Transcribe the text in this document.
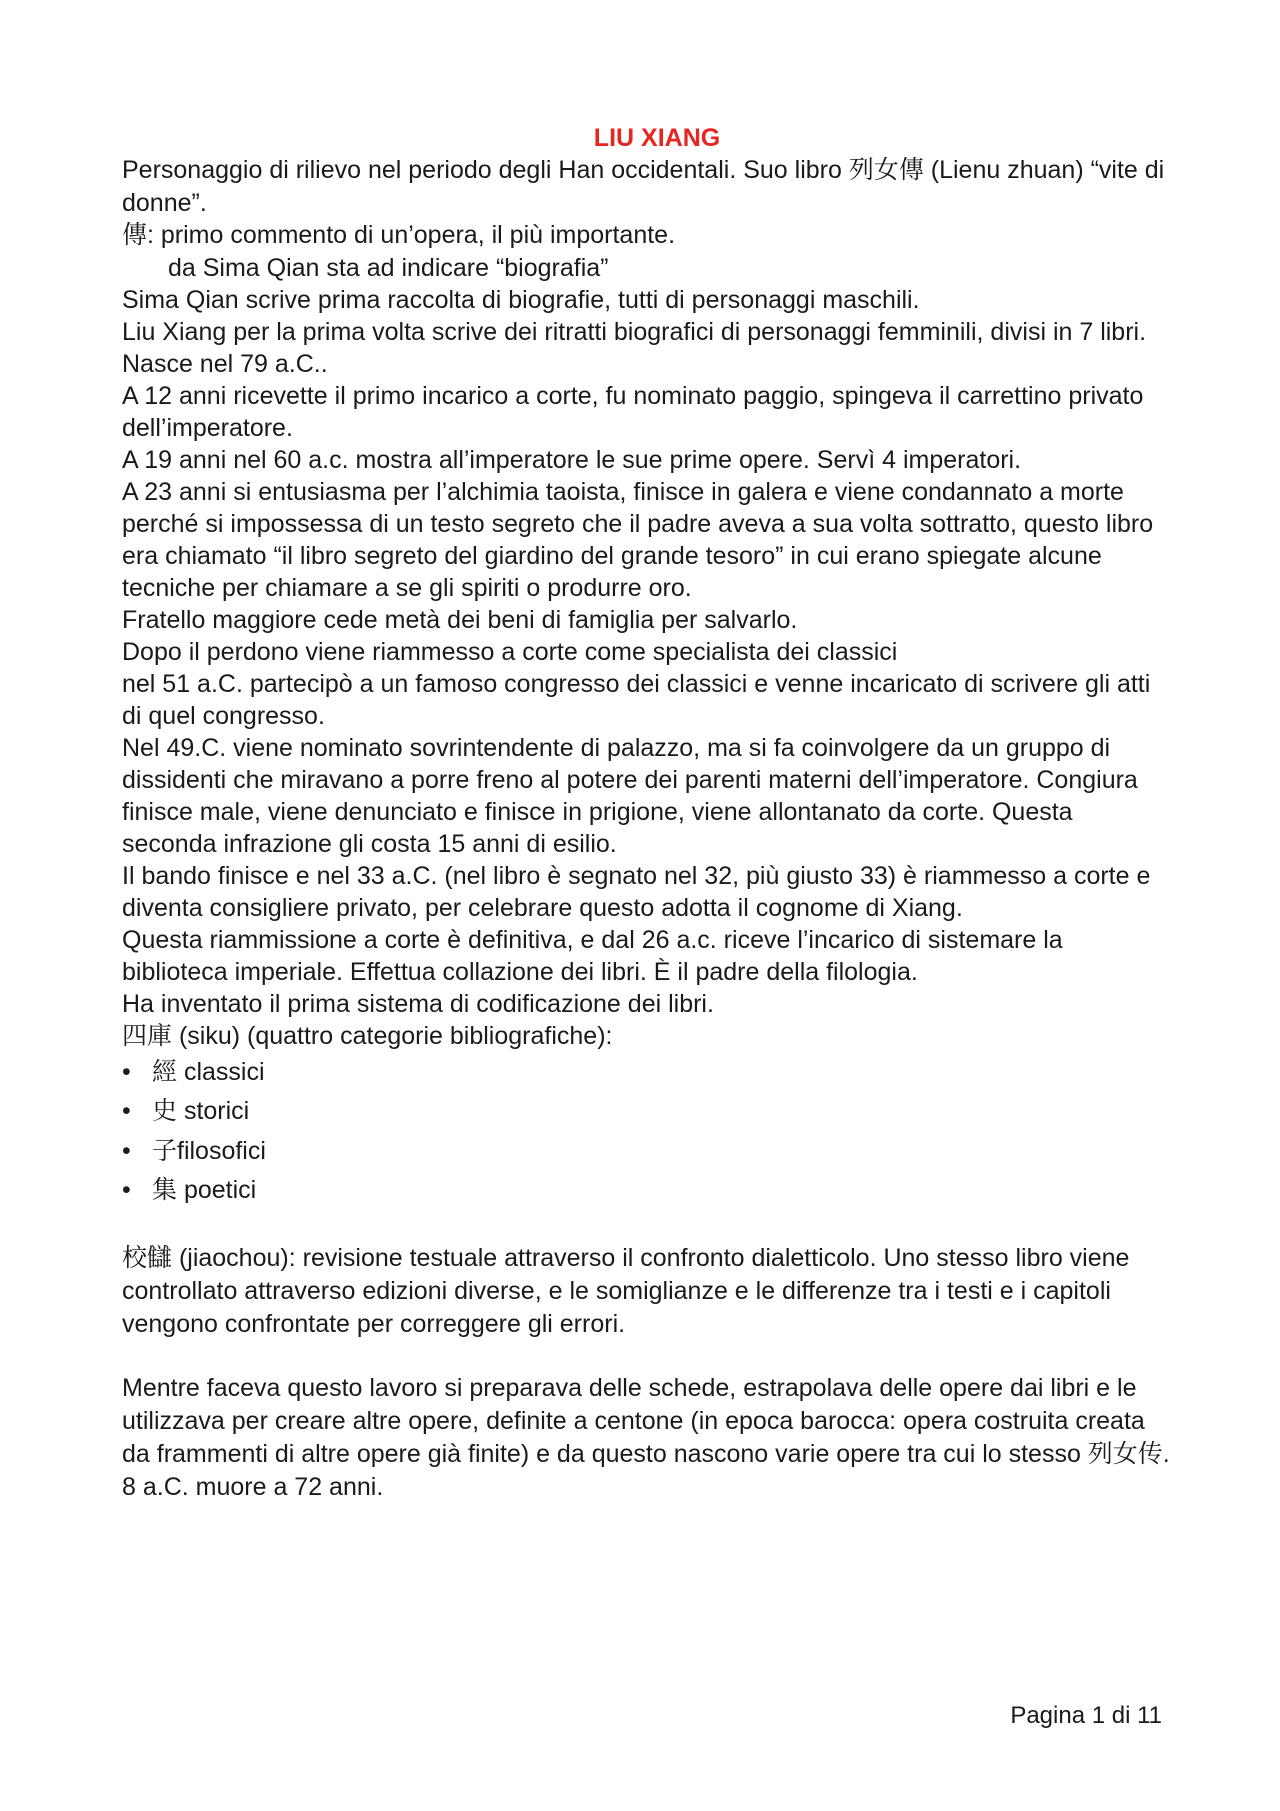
LIU XIANG

Personaggio di rilievo nel periodo degli Han occidentali. Suo libro 列女傳 (Lienu zhuan) “vite di donne”.

傳: primo commento di un’opera, il più importante.

da Sima Qian sta ad indicare “biografia”

Sima Qian scrive prima raccolta di biografie, tutti di personaggi maschili.

Liu Xiang per la prima volta scrive dei ritratti biografici di personaggi femminili, divisi in 7 libri.

Nasce nel 79 a.C..

A 12 anni ricevette il primo incarico a corte, fu nominato paggio, spingeva il carrettino privato dell’imperatore.

A 19 anni nel 60 a.c. mostra all’imperatore le sue prime opere. Servì 4 imperatori.

A 23 anni si entusiasma per l’alchimia taoista, finisce in galera e viene condannato a morte perché si impossessa di un testo segreto che il padre aveva a sua volta sottratto, questo libro era chiamato “il libro segreto del giardino del grande tesoro” in cui erano spiegate alcune tecniche per chiamare a se gli spiriti o produrre oro.

Fratello maggiore cede metà dei beni di famiglia per salvarlo.

Dopo il perdono viene riammesso a corte come specialista dei classici

nel 51 a.C. partecipò a un famoso congresso dei classici e venne incaricato di scrivere gli atti di quel congresso.

Nel 49.C. viene nominato sovrintendente di palazzo, ma si fa coinvolgere da un gruppo di dissidenti che miravano a porre freno al potere dei parenti materni dell’imperatore. Congiura finisce male, viene denunciato e finisce in prigione, viene allontanato da corte. Questa seconda infrazione gli costa 15 anni di esilio.

Il bando finisce e nel 33 a.C. (nel libro è segnato nel 32, più giusto 33) è riammesso a corte e diventa consigliere privato, per celebrare questo adotta il cognome di Xiang.

Questa riammissione a corte è definitiva, e dal 26 a.c. riceve l’incarico di sistemare la biblioteca imperiale. Effettua collazione dei libri. È il padre della filologia.

Ha inventato il prima sistema di codificazione dei libri.

四庫 (siku) (quattro categorie bibliografiche):

• 經 classici
• 史 storici
• 子filosofici
• 集 poetici

校讎 (jiaochou): revisione testuale attraverso il confronto dialetticolo. Uno stesso libro viene controllato attraverso edizioni diverse, e le somiglianze e le differenze tra i testi e i capitoli vengono confrontate per correggere gli errori.

Mentre faceva questo lavoro si preparava delle schede, estrapolava delle opere dai libri e le utilizzava per creare altre opere, definite a centone (in epoca barocca: opera costruita creata da frammenti di altre opere già finite) e da questo nascono varie opere tra cui lo stesso 列女传.

8 a.C. muore a 72 anni.

Pagina 1 di 11
